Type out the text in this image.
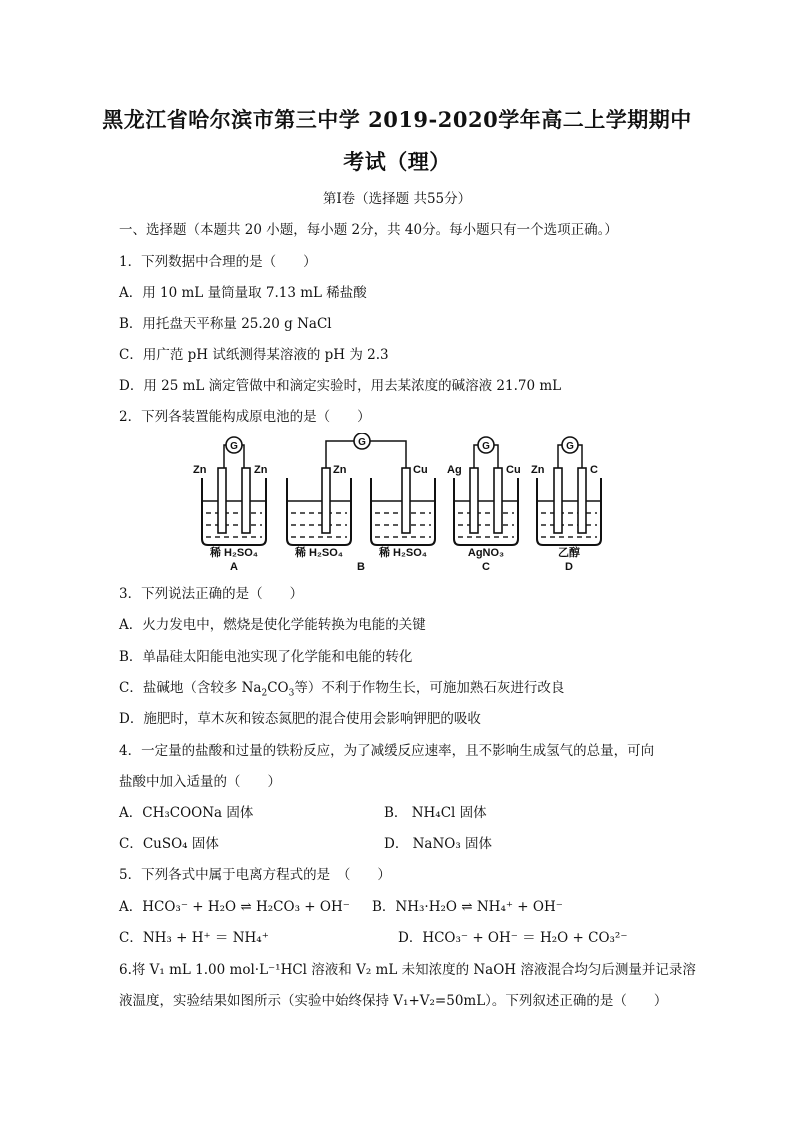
黑龙江省哈尔滨市第三中学 2019-2020学年高二上学期期中
考试（理）
第Ⅰ卷（选择题 共55分）
一、选择题（本题共 20 小题，每小题 2分，共 40分。每小题只有一个选项正确。）
1．下列数据中合理的是（　　）
A．用 10 mL 量筒量取 7.13 mL 稀盐酸
B．用托盘天平称量 25.20 g NaCl
C．用广范 pH 试纸测得某溶液的 pH 为 2.3
D．用 25 mL 滴定管做中和滴定实验时，用去某浓度的碱溶液 21.70 mL
2．下列各装置能构成原电池的是（　　）
G	G	G	G
Zn	Zn	Zn	Cu Ag	Cu Zn	C
稀 H₂SO₄	稀 H₂SO₄	稀 H₂SO₄	AgNO₃	乙醇
A	B	C	D
3．下列说法正确的是（　　）
A．火力发电中，燃烧是使化学能转换为电能的关键
B．单晶硅太阳能电池实现了化学能和电能的转化
C．盐碱地（含较多 $Na_2CO_3$等）不利于作物生长，可施加熟石灰进行改良
D．施肥时，草木灰和铵态氮肥的混合使用会影响钾肥的吸收
4．一定量的盐酸和过量的铁粉反应，为了减缓反应速率，且不影响生成氢气的总量，可向
盐酸中加入适量的（　　）
A．CH₃COONa 固体	B． NH₄Cl 固体
C．CuSO₄ 固体	D． NaNO₃ 固体
5．下列各式中属于电离方程式的是　（　　）
A．HCO₃⁻ + H₂O ⇌ H₂CO₃ + OH⁻ B．NH₃·H₂O ⇌ NH₄⁺ + OH⁻
C．NH₃ + H⁺ ＝ NH₄⁺	D．HCO₃⁻ + OH⁻ ＝ H₂O + CO₃²⁻
6.将 V₁ mL 1.00 mol·L⁻¹HCl 溶液和 V₂ mL 未知浓度的 NaOH 溶液混合均匀后测量并记录溶
液温度，实验结果如图所示（实验中始终保持 V₁+V₂=50mL）。下列叙述正确的是（　　）
